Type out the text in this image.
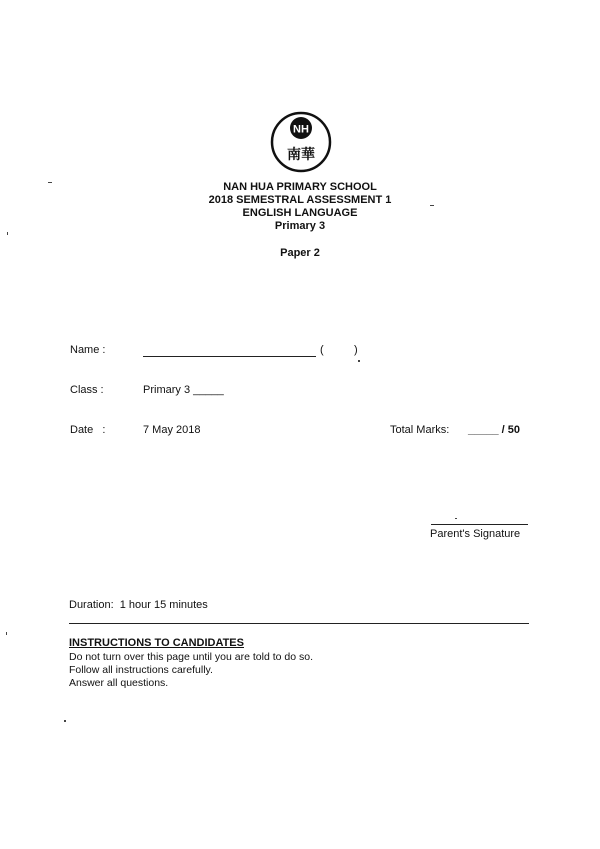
NH
南華
NAN HUA PRIMARY SCHOOL
2018 SEMESTRAL ASSESSMENT 1
ENGLISH LANGUAGE
Primary 3
Paper 2
Name :	(	)
Class :	Primary 3 _____
Date   :	7 May 2018	Total Marks: _____ / 50
Parent's Signature
Duration:  1 hour 15 minutes
INSTRUCTIONS TO CANDIDATES
Do not turn over this page until you are told to do so.
Follow all instructions carefully.
Answer all questions.
